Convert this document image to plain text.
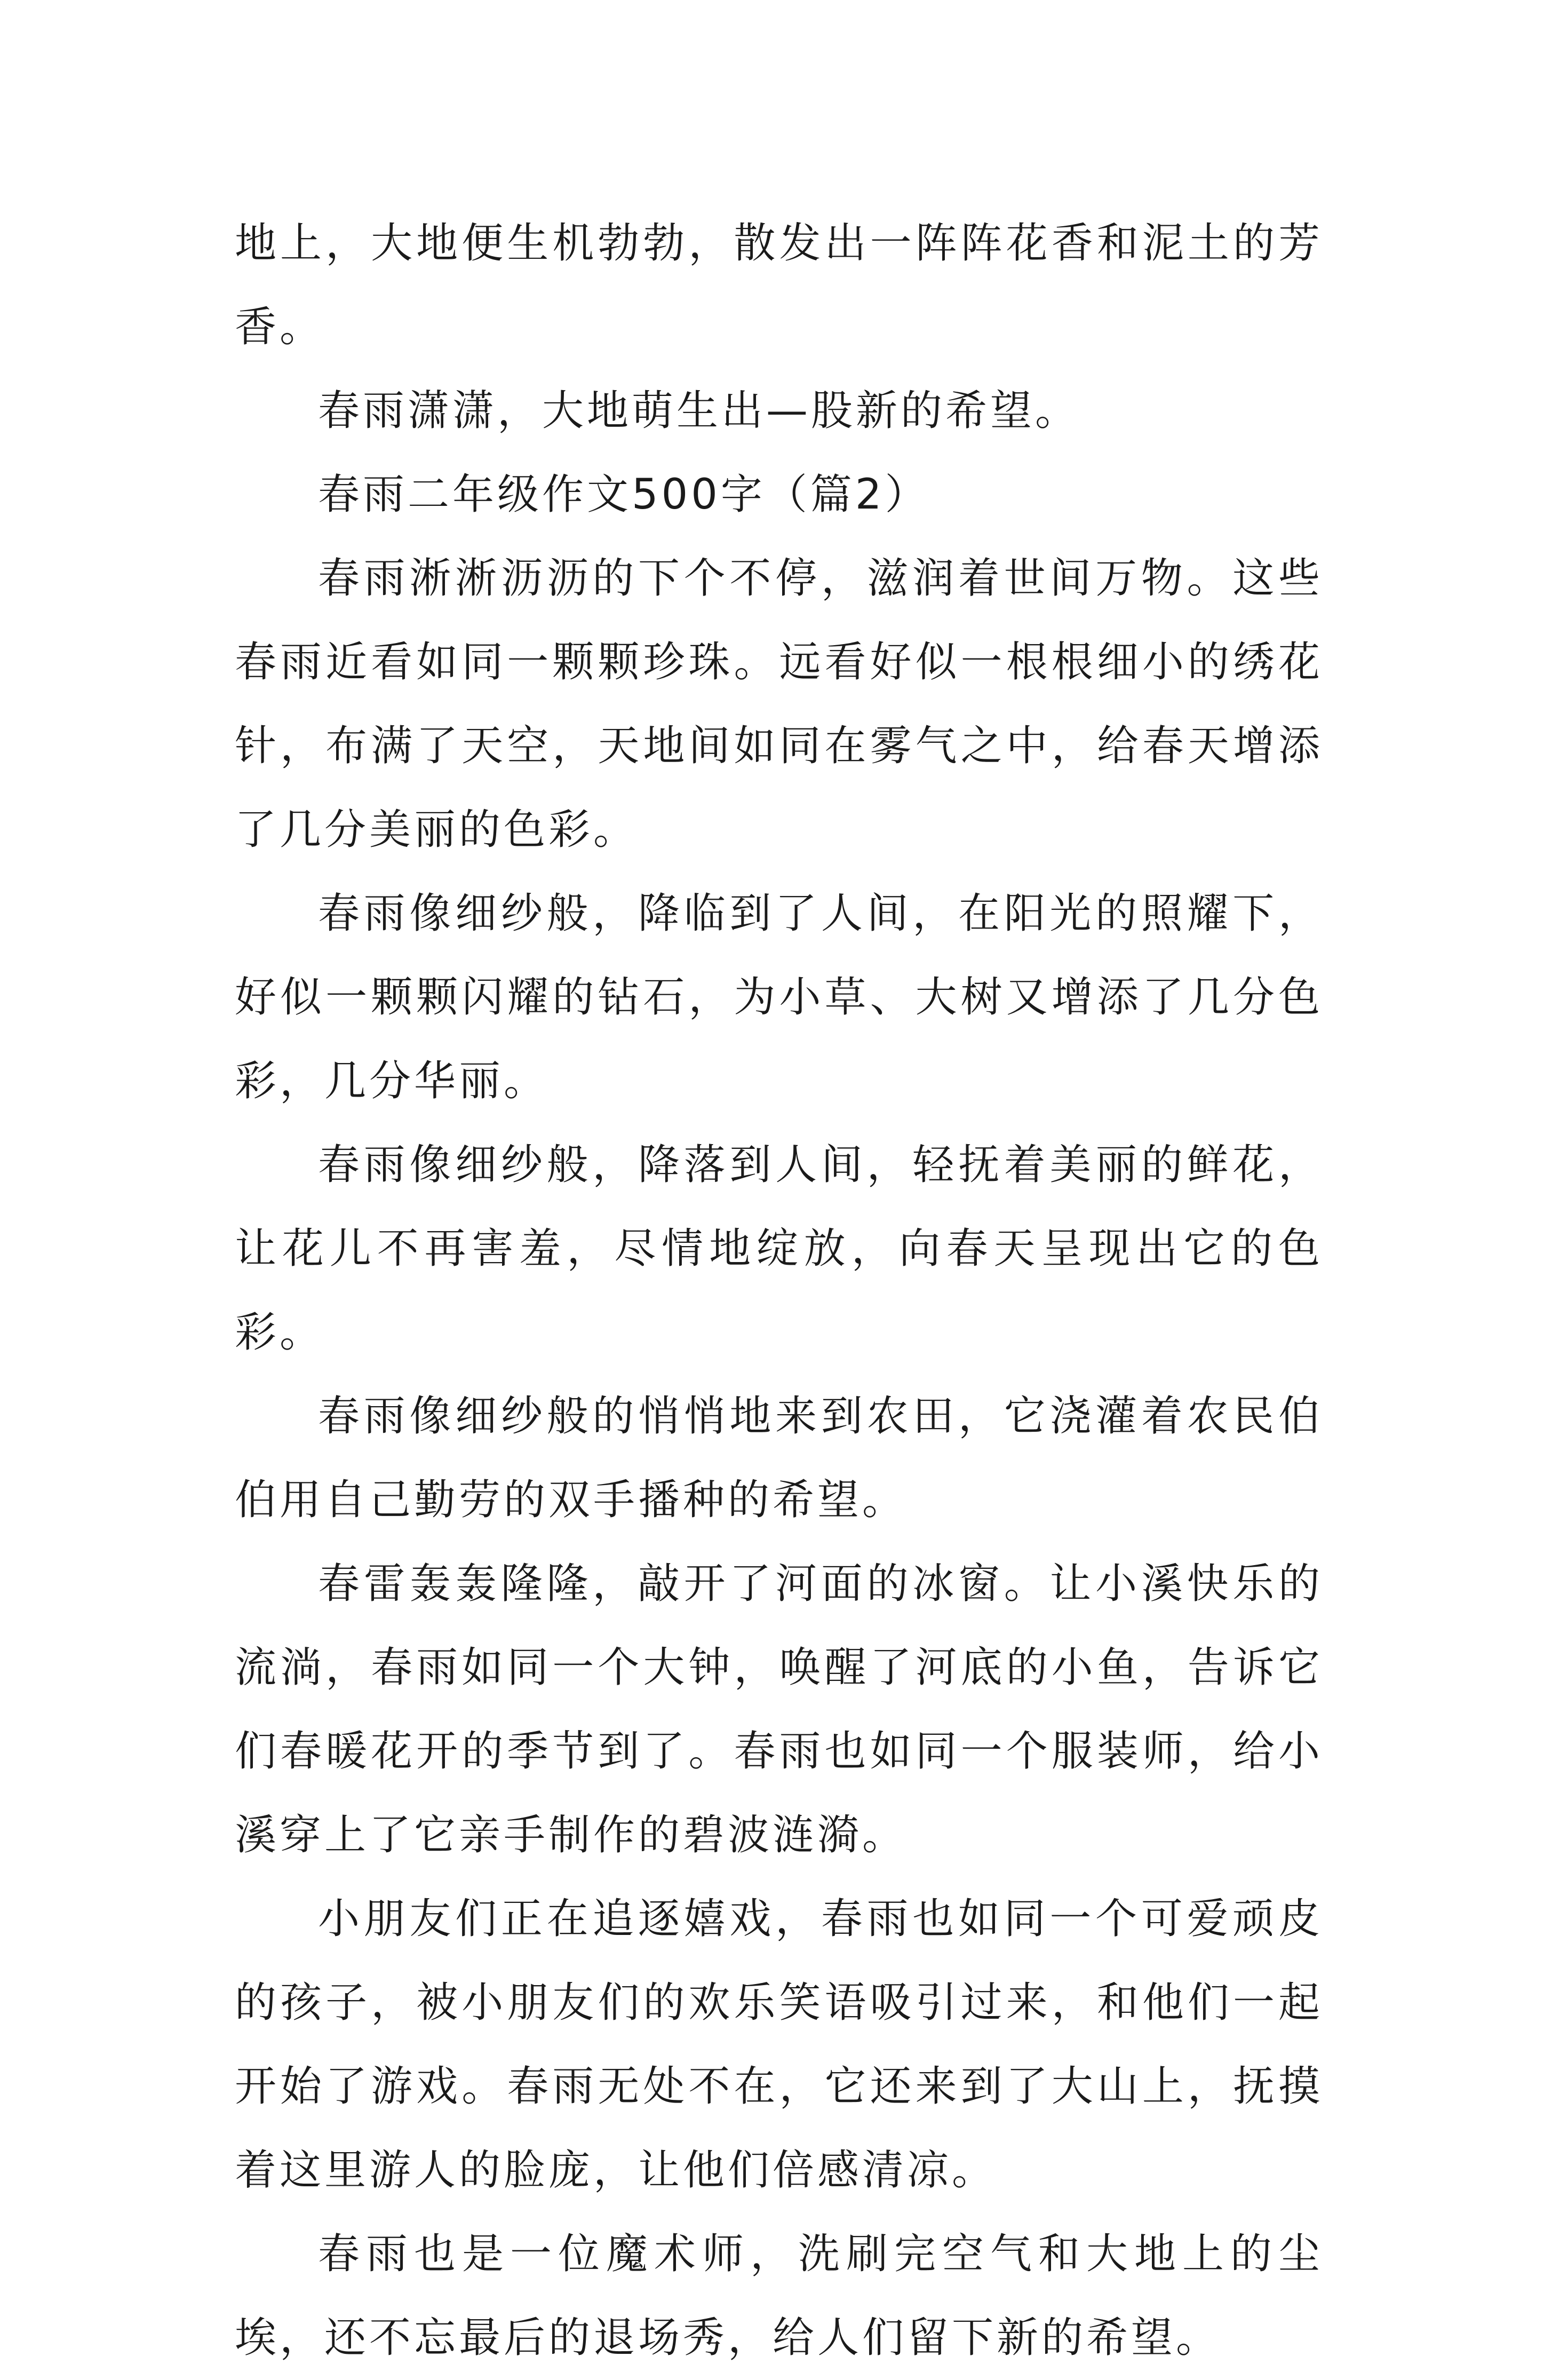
地上，大地便生机勃勃，散发出一阵阵花香和泥土的芳香。

春雨潇潇，大地萌生出—股新的希望。

春雨二年级作文500字（篇2）

春雨淅淅沥沥的下个不停，滋润着世间万物。这些春雨近看如同一颗颗珍珠。远看好似一根根细小的绣花针，布满了天空，天地间如同在雾气之中，给春天增添了几分美丽的色彩。

春雨像细纱般，降临到了人间，在阳光的照耀下，好似一颗颗闪耀的钻石，为小草、大树又增添了几分色彩，几分华丽。

春雨像细纱般，降落到人间，轻抚着美丽的鲜花，让花儿不再害羞，尽情地绽放，向春天呈现出它的色彩。

春雨像细纱般的悄悄地来到农田，它浇灌着农民伯伯用自己勤劳的双手播种的希望。

春雷轰轰隆隆，敲开了河面的冰窗。让小溪快乐的流淌，春雨如同一个大钟，唤醒了河底的小鱼，告诉它们春暖花开的季节到了。春雨也如同一个服装师，给小溪穿上了它亲手制作的碧波涟漪。

小朋友们正在追逐嬉戏，春雨也如同一个可爱顽皮的孩子，被小朋友们的欢乐笑语吸引过来，和他们一起开始了游戏。春雨无处不在，它还来到了大山上，抚摸着这里游人的脸庞，让他们倍感清凉。

春雨也是一位魔术师，洗刷完空气和大地上的尘埃，还不忘最后的退场秀，给人们留下新的希望。
